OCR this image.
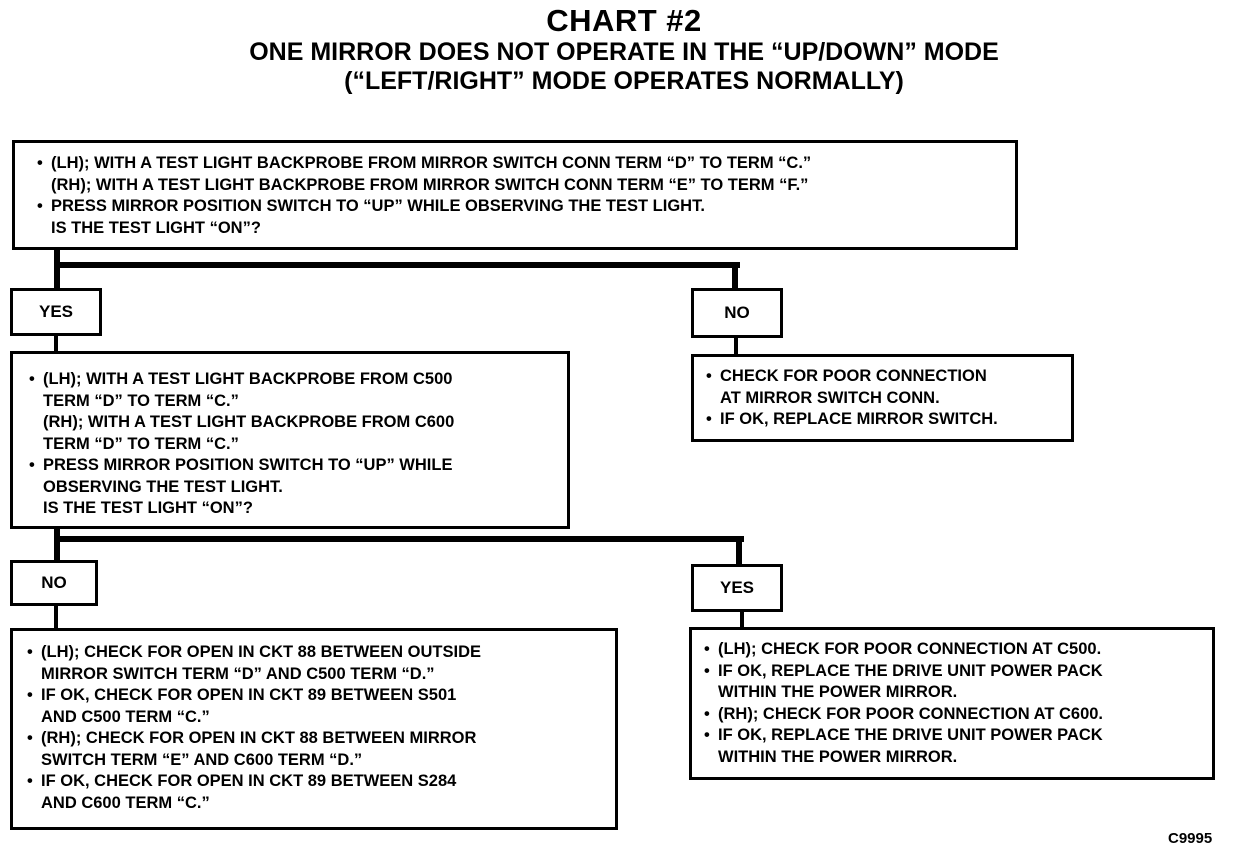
CHART #2
ONE MIRROR DOES NOT OPERATE IN THE “UP/DOWN” MODE
(“LEFT/RIGHT” MODE OPERATES NORMALLY)
• (LH); WITH A TEST LIGHT BACKPROBE FROM MIRROR SWITCH CONN TERM “D” TO TERM “C.”
(RH); WITH A TEST LIGHT BACKPROBE FROM MIRROR SWITCH CONN TERM “E” TO TERM “F.”
• PRESS MIRROR POSITION SWITCH TO “UP” WHILE OBSERVING THE TEST LIGHT.
IS THE TEST LIGHT “ON”?
YES	NO
• CHECK FOR POOR CONNECTION
AT MIRROR SWITCH CONN.
• IF OK, REPLACE MIRROR SWITCH.
• (LH); WITH A TEST LIGHT BACKPROBE FROM C500
TERM “D” TO TERM “C.”
(RH); WITH A TEST LIGHT BACKPROBE FROM C600
TERM “D” TO TERM “C.”
• PRESS MIRROR POSITION SWITCH TO “UP” WHILE
OBSERVING THE TEST LIGHT.
IS THE TEST LIGHT “ON”?
NO	YES
• (LH); CHECK FOR OPEN IN CKT 88 BETWEEN OUTSIDE
MIRROR SWITCH TERM “D” AND C500 TERM “D.”
• IF OK, CHECK FOR OPEN IN CKT 89 BETWEEN S501
AND C500 TERM “C.”
• (RH); CHECK FOR OPEN IN CKT 88 BETWEEN MIRROR
SWITCH TERM “E” AND C600 TERM “D.”
• IF OK, CHECK FOR OPEN IN CKT 89 BETWEEN S284
AND C600 TERM “C.”
• (LH); CHECK FOR POOR CONNECTION AT C500.
• IF OK, REPLACE THE DRIVE UNIT POWER PACK
WITHIN THE POWER MIRROR.
• (RH); CHECK FOR POOR CONNECTION AT C600.
• IF OK, REPLACE THE DRIVE UNIT POWER PACK
WITHIN THE POWER MIRROR.
C9995
